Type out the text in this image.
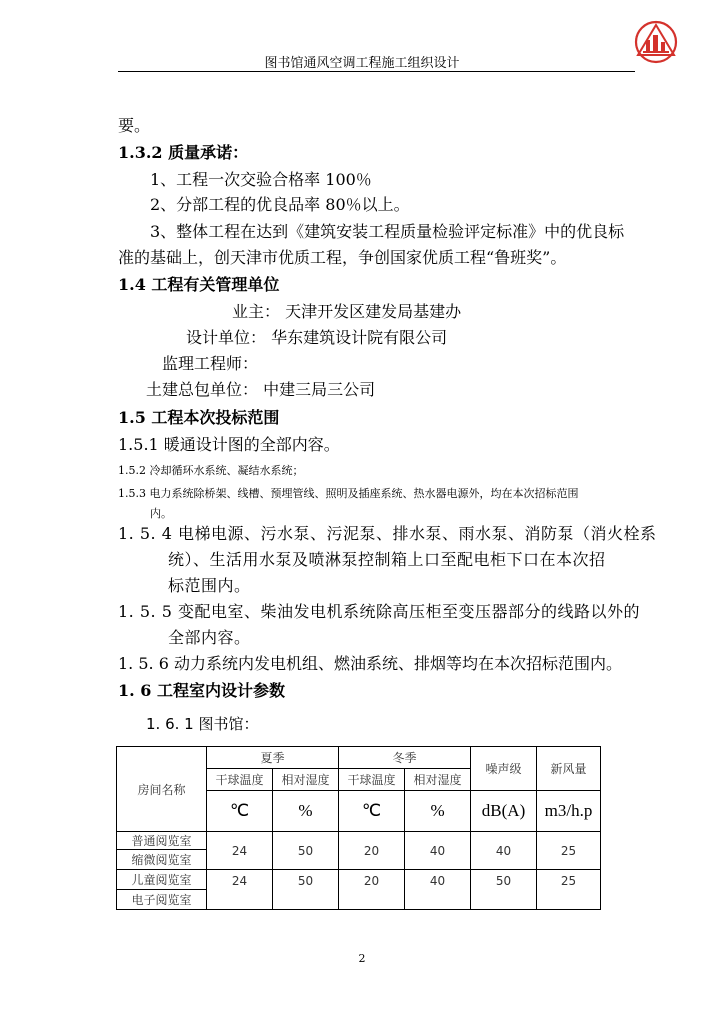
图书馆通风空调工程施工组织设计
要。
1.3.2 质量承诺：
1、工程一次交验合格率 100％
2、分部工程的优良品率 80％以上。
3、整体工程在达到《建筑安装工程质量检验评定标准》中的优良标
准的基础上，创天津市优质工程，争创国家优质工程“鲁班奖”。
1.4 工程有关管理单位
业主： 天津开发区建发局基建办
设计单位： 华东建筑设计院有限公司
监理工程师：
土建总包单位： 中建三局三公司
1.5 工程本次投标范围
1.5.1 暖通设计图的全部内容。
1.5.2 冷却循环水系统、凝结水系统；
1.5.3 电力系统除桥架、线槽、预埋管线、照明及插座系统、热水器电源外，均在本次招标范围
内。
1. 5. 4 电梯电源、污水泵、污泥泵、排水泵、雨水泵、消防泵（消火栓系
统）、生活用水泵及喷淋泵控制箱上口至配电柜下口在本次招
标范围内。
1. 5. 5 变配电室、柴油发电机系统除高压柜至变压器部分的线路以外的
全部内容。
1. 5. 6 动力系统内发电机组、燃油系统、排烟等均在本次招标范围内。
1. 6 工程室内设计参数
1. 6. 1 图书馆：
房间名称	夏季		冬季		噪声级	新风量
	干球温度	相对湿度	干球温度	相对湿度		
	℃	%	℃	%	dB(A)	m3/h.p
普通阅览室	24	50	20	40	40	25
缩微阅览室						
儿童阅览室	24	50	20	40	50	25
电子阅览室						
2
